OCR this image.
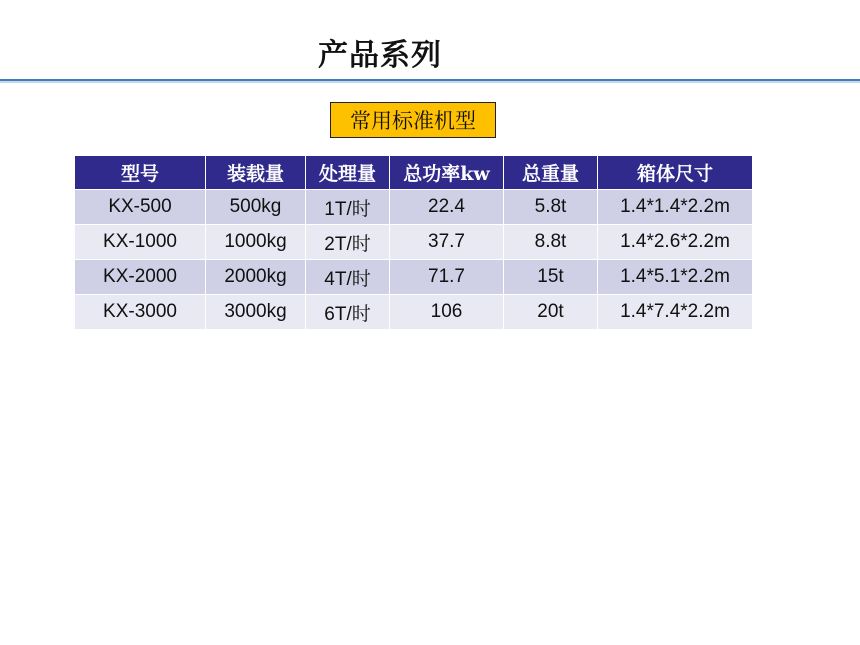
产品系列
常用标准机型
型号	装载量	处理量	总功率kw	总重量	箱体尺寸
KX-500	500kg	1T/时	22.4	5.8t	1.4*1.4*2.2m
KX-1000	1000kg	2T/时	37.7	8.8t	1.4*2.6*2.2m
KX-2000	2000kg	4T/时	71.7	15t	1.4*5.1*2.2m
KX-3000	3000kg	6T/时	106	20t	1.4*7.4*2.2m
